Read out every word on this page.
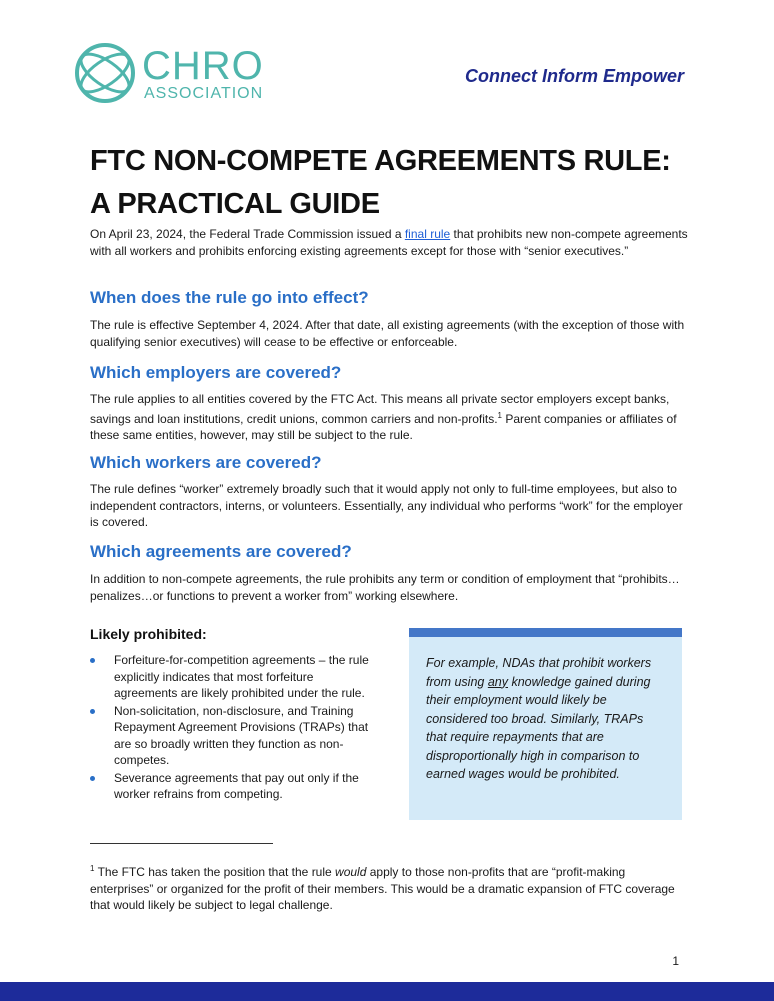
CHRO
ASSOCIATION
Connect Inform Empower
FTC NON-COMPETE AGREEMENTS RULE:
A PRACTICAL GUIDE
On April 23, 2024, the Federal Trade Commission issued a final rule that prohibits new non-compete agreements with all workers and prohibits enforcing existing agreements except for those with “senior executives.”
When does the rule go into effect?
The rule is effective September 4, 2024. After that date, all existing agreements (with the exception of those with qualifying senior executives) will cease to be effective or enforceable.
Which employers are covered?
The rule applies to all entities covered by the FTC Act. This means all private sector employers except banks, savings and loan institutions, credit unions, common carriers and non-profits.$^1$ Parent companies or affiliates of these same entities, however, may still be subject to the rule.
Which workers are covered?
The rule defines “worker” extremely broadly such that it would apply not only to full-time employees, but also to independent contractors, interns, or volunteers. Essentially, any individual who performs “work” for the employer is covered.
Which agreements are covered?
In addition to non-compete agreements, the rule prohibits any term or condition of employment that “prohibits…penalizes…or functions to prevent a worker from” working elsewhere.
Likely prohibited:
Forfeiture-for-competition agreements – the rule explicitly indicates that most forfeiture agreements are likely prohibited under the rule.
Non-solicitation, non-disclosure, and Training Repayment Agreement Provisions (TRAPs) that are so broadly written they function as non-competes.
Severance agreements that pay out only if the worker refrains from competing.
For example, NDAs that prohibit workers from using any knowledge gained during their employment would likely be considered too broad. Similarly, TRAPs that require repayments that are disproportionally high in comparison to earned wages would be prohibited.
$^1$ The FTC has taken the position that the rule would apply to those non-profits that are “profit-making enterprises” or organized for the profit of their members. This would be a dramatic expansion of FTC coverage that would likely be subject to legal challenge.
1
